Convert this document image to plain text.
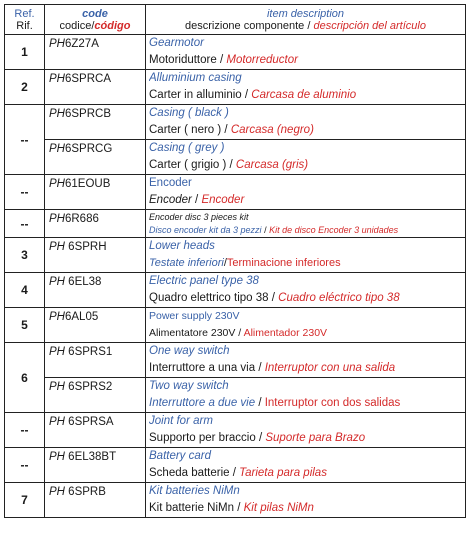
Ref.
Rif.	code
codice/código	item description
descrizione componente / descripción del artículo
1	PH6Z27A	Gearmotor
Motoriduttore / Motorreductor

2	PH6SPRCA	Alluminium casing
Carter in alluminio / Carcasa de aluminio

--	PH6SPRCB	Casing ( black )
Carter ( nero ) / Carcasa (negro)

	PH6SPRCG	Casing ( grey )
Carter ( grigio ) / Carcasa (gris)

--	PH61EOUB	Encoder
Encoder / Encoder

--	PH6R686	Encoder disc 3 pieces kit
Disco encoder kit da 3 pezzi / Kit de disco Encoder 3 unidades

3	PH 6SPRH	Lower heads
Testate inferiori/Terminacione inferiores

4	PH 6EL38	Electric panel type 38
Quadro elettrico tipo 38 / Cuadro eléctrico tipo 38

5	PH6AL05	Power supply 230V
Alimentatore 230V / Alimentador 230V

6	PH 6SPRS1	One way switch
Interruttore a una via / Interruptor con una salida

	PH 6SPRS2	Two way switch
Interruttore a due vie / Interruptor con dos salidas

--	PH 6SPRSA	Joint for arm
Supporto per braccio / Suporte para Brazo

--	PH 6EL38BT	Battery card
Scheda batterie / Tarieta para pilas

7	PH 6SPRB	Kit batteries NiMn
Kit batterie NiMn / Kit pilas NiMn
